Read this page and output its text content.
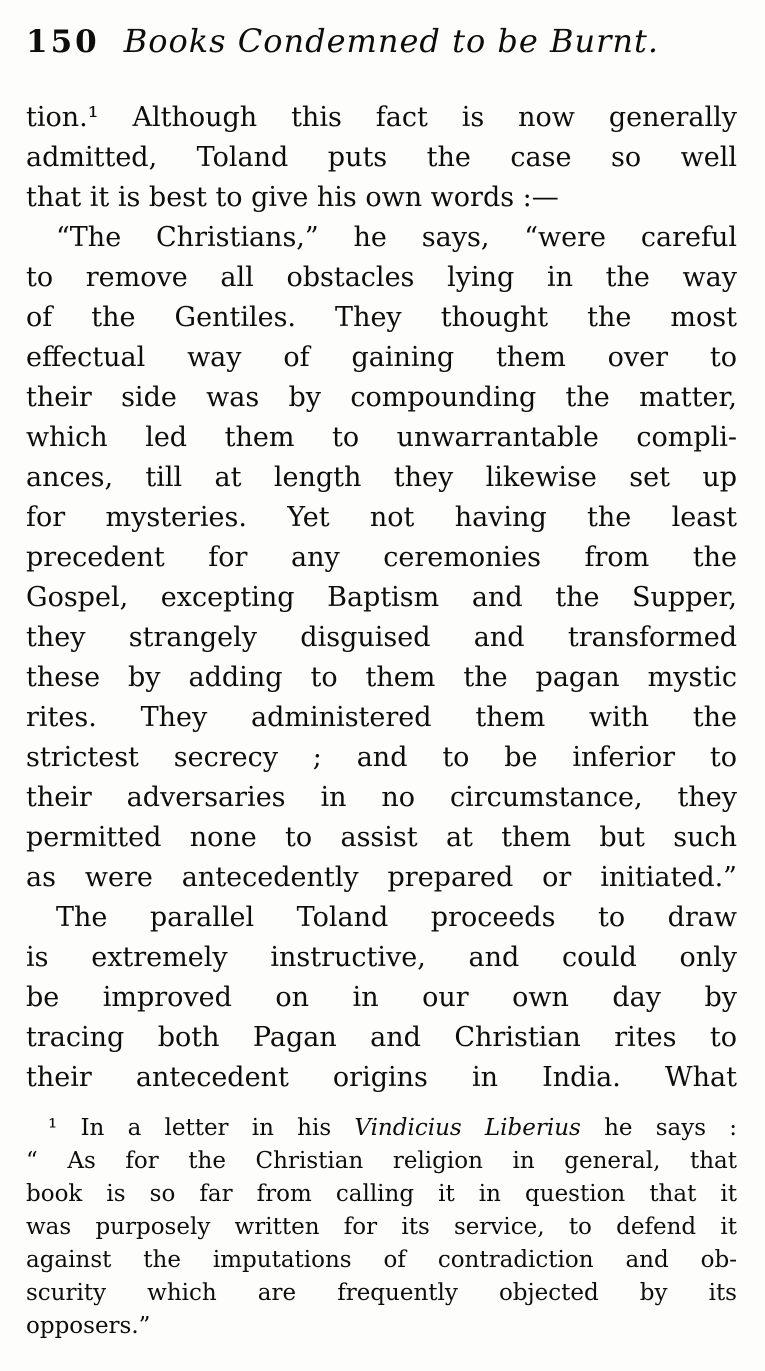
150 Books Condemned to be Burnt.
tion.¹ Although this fact is now generally
admitted, Toland puts the case so well
that it is best to give his own words :—
“The Christians,” he says, “were careful
to remove all obstacles lying in the way
of the Gentiles. They thought the most
effectual way of gaining them over to
their side was by compounding the matter,
which led them to unwarrantable compli-
ances, till at length they likewise set up
for mysteries. Yet not having the least
precedent for any ceremonies from the
Gospel, excepting Baptism and the Supper,
they strangely disguised and transformed
these by adding to them the pagan mystic
rites. They administered them with the
strictest secrecy ; and to be inferior to
their adversaries in no circumstance, they
permitted none to assist at them but such
as were antecedently prepared or initiated.”
The parallel Toland proceeds to draw
is extremely instructive, and could only
be improved on in our own day by
tracing both Pagan and Christian rites to
their antecedent origins in India. What
¹ In a letter in his Vindicius Liberius he says :
“ As for the Christian religion in general, that
book is so far from calling it in question that it
was purposely written for its service, to defend it
against the imputations of contradiction and ob-
scurity which are frequently objected by its
opposers.”
